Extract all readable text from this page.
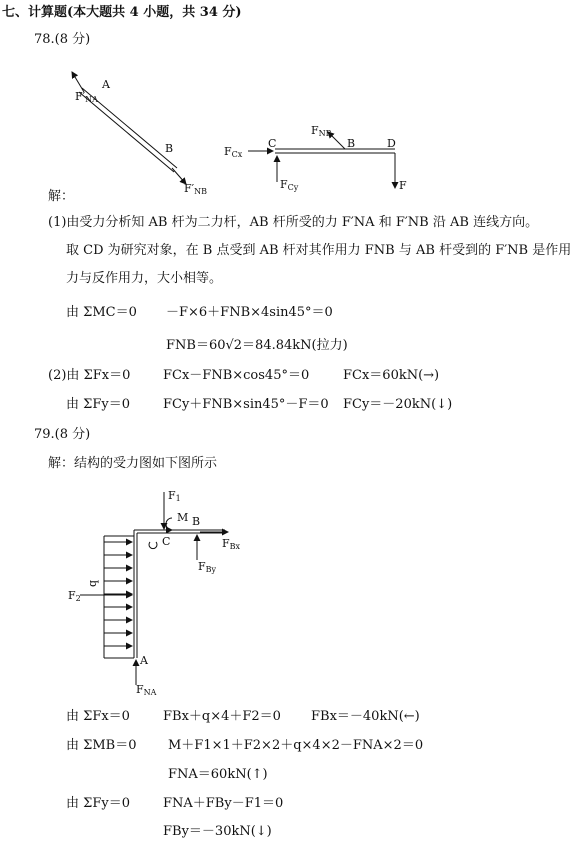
七、计算题(本大题共 4 小题，共 34 分)
78.(8 分)
A
$F'_{NA}$
B
$F'_{NB}$
$F_{Cx}$
C
$F_{Cy}$
$F_{NB}$
B	D
F
解：
(1)由受力分析知 AB 杆为二力杆，AB 杆所受的力 F′NA 和 F′NB 沿 AB 连线方向。
取 CD 为研究对象，在 B 点受到 AB 杆对其作用力 FNB 与 AB 杆受到的 F′NB 是作用
力与反作用力，大小相等。
由 ΣMC＝0 －F×6＋FNB×4sin45°＝0
FNB＝60√2＝84.84kN(拉力)
(2)由 ΣFx＝0	FCx－FNB×cos45°＝0	FCx＝60kN(→)
由 ΣFy＝0	FCy＋FNB×sin45°－F＝0 FCy＝－20kN(↓)
79.(8 分)
解：结构的受力图如下图所示
$F_1$
M B
C	$F_{Bx}$
$F_{By}$
q
$F_2$
A
$F_{NA}$
由 ΣFx＝0	FBx＋q×4＋F2＝0 FBx＝－40kN(←)
由 ΣMB＝0 M＋F1×1＋F2×2＋q×4×2－FNA×2＝0
FNA＝60kN(↑)
由 ΣFy＝0	FNA＋FBy－F1＝0
FBy＝－30kN(↓)
